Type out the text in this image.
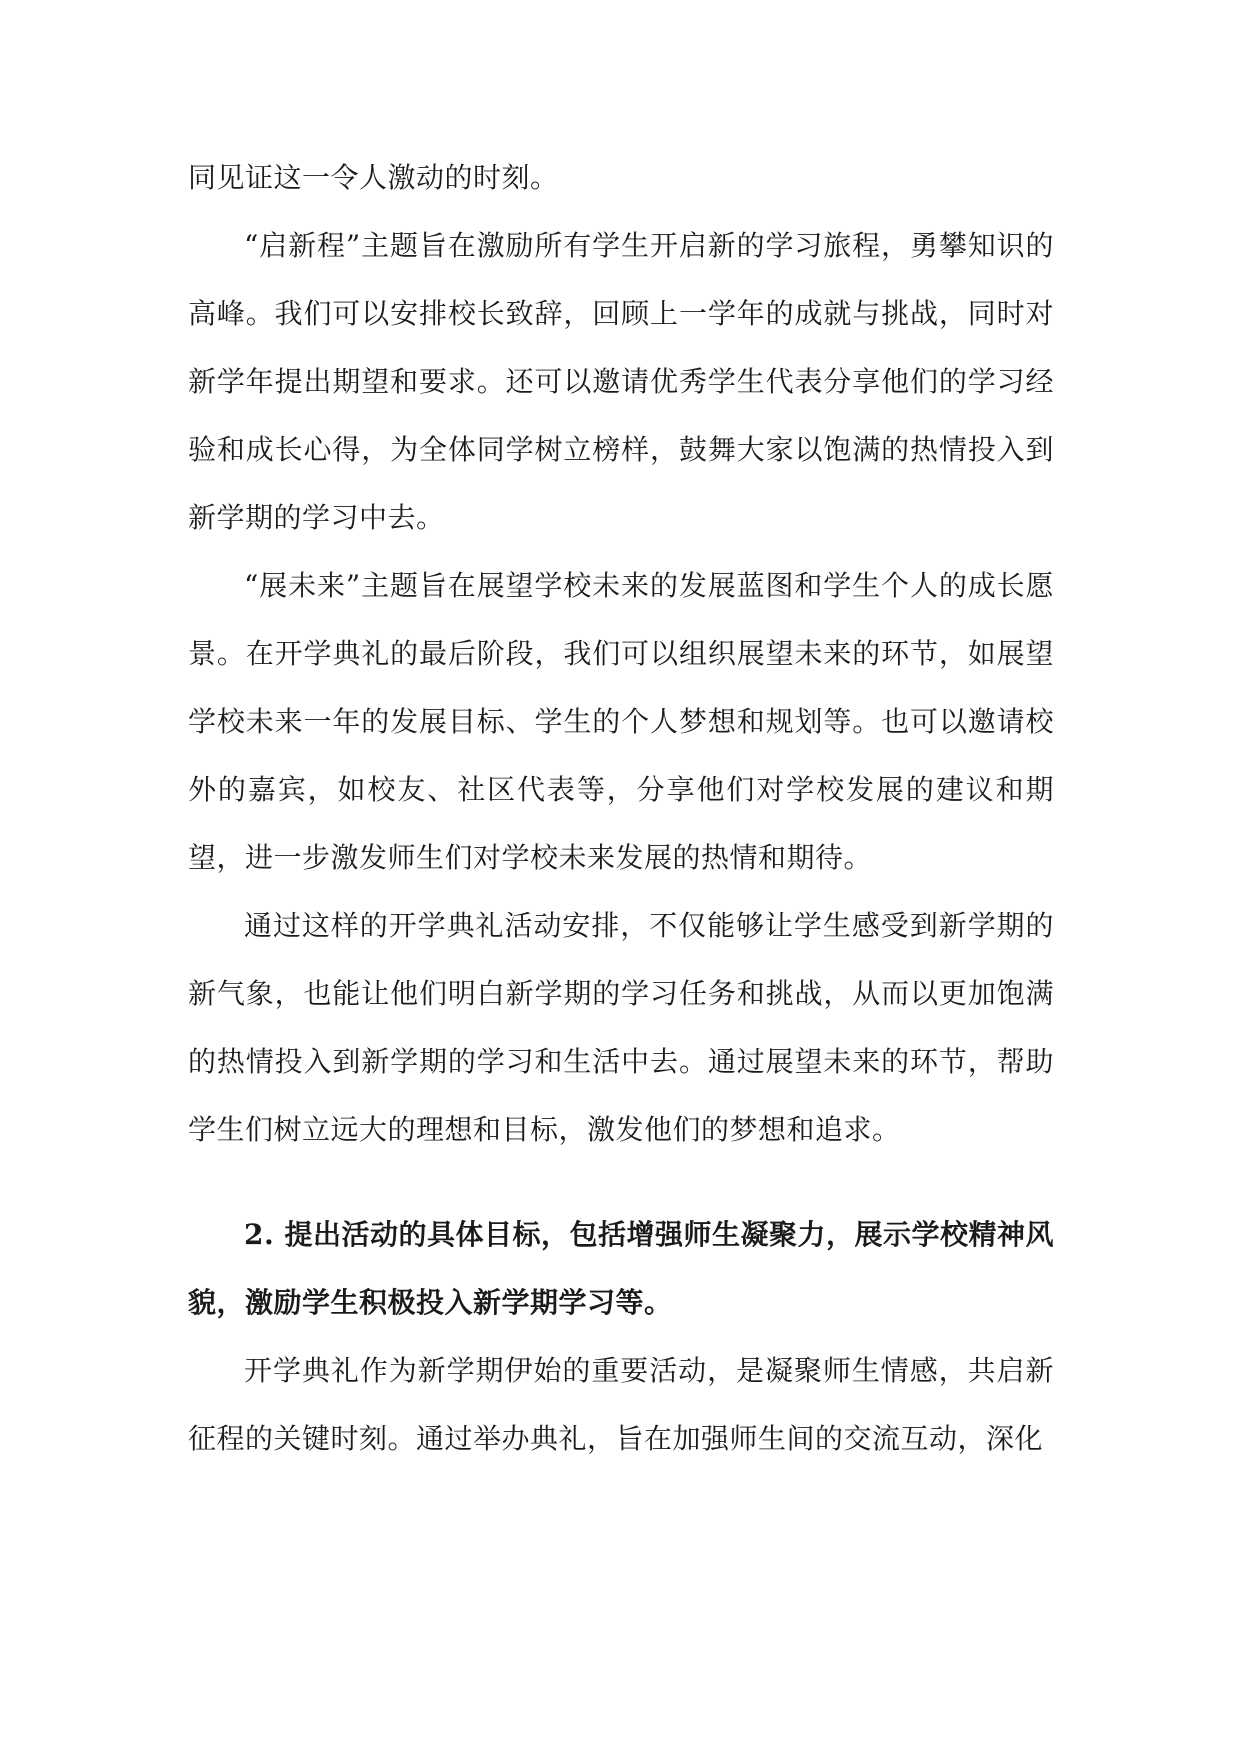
同见证这一令人激动的时刻。

“启新程”主题旨在激励所有学生开启新的学习旅程，勇攀知识的高峰。我们可以安排校长致辞，回顾上一学年的成就与挑战，同时对新学年提出期望和要求。还可以邀请优秀学生代表分享他们的学习经验和成长心得，为全体同学树立榜样，鼓舞大家以饱满的热情投入到新学期的学习中去。

“展未来”主题旨在展望学校未来的发展蓝图和学生个人的成长愿景。在开学典礼的最后阶段，我们可以组织展望未来的环节，如展望学校未来一年的发展目标、学生的个人梦想和规划等。也可以邀请校外的嘉宾，如校友、社区代表等，分享他们对学校发展的建议和期望，进一步激发师生们对学校未来发展的热情和期待。

通过这样的开学典礼活动安排，不仅能够让学生感受到新学期的新气象，也能让他们明白新学期的学习任务和挑战，从而以更加饱满的热情投入到新学期的学习和生活中去。通过展望未来的环节，帮助学生们树立远大的理想和目标，激发他们的梦想和追求。

2. 提出活动的具体目标，包括增强师生凝聚力，展示学校精神风貌，激励学生积极投入新学期学习等。

开学典礼作为新学期伊始的重要活动，是凝聚师生情感，共启新征程的关键时刻。通过举办典礼，旨在加强师生间的交流互动，深化
